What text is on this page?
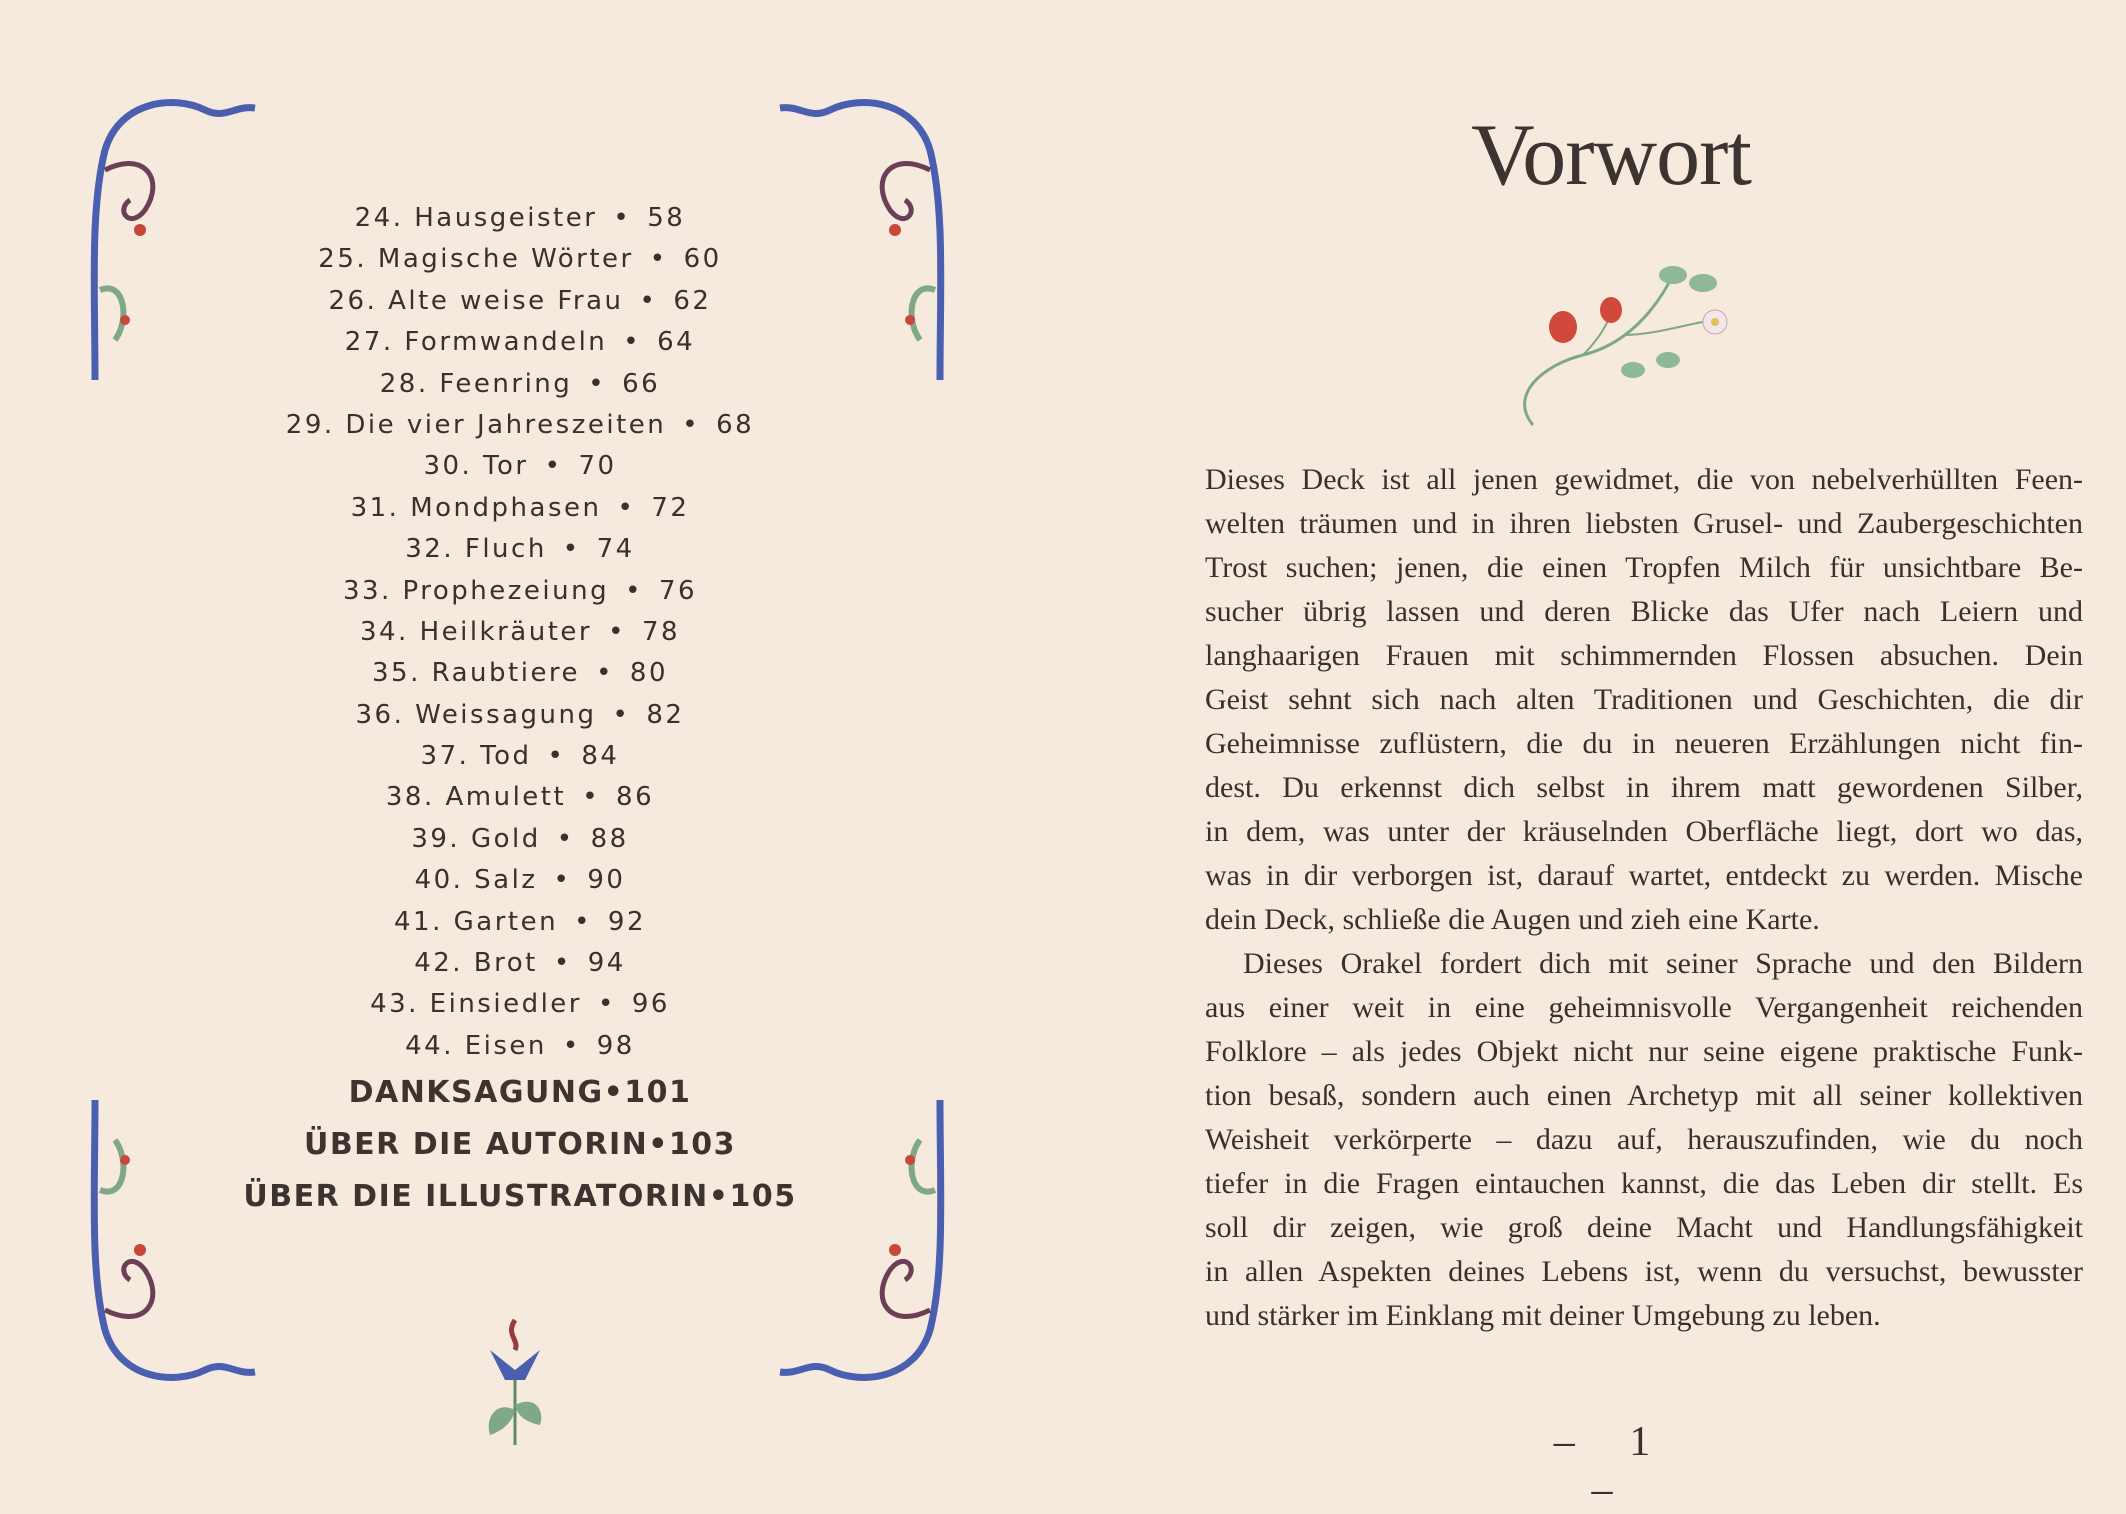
24. Hausgeister • 58
25. Magische Wörter • 60
26. Alte weise Frau • 62
27. Formwandeln • 64
28. Feenring • 66
29. Die vier Jahreszeiten • 68
30. Tor • 70
31. Mondphasen • 72
32. Fluch • 74
33. Prophezeiung • 76
34. Heilkräuter • 78
35. Raubtiere • 80
36. Weissagung • 82
37. Tod • 84
38. Amulett • 86
39. Gold • 88
40. Salz • 90
41. Garten • 92
42. Brot • 94
43. Einsiedler • 96
44. Eisen • 98
DANKSAGUNG•101
ÜBER DIE AUTORIN•103
ÜBER DIE ILLUSTRATORIN•105
Vorwort
Dieses Deck ist all jenen gewidmet, die von nebelverhüllten Feen-
welten träumen und in ihren liebsten Grusel- und Zaubergeschichten
Trost suchen; jenen, die einen Tropfen Milch für unsichtbare Be-
sucher übrig lassen und deren Blicke das Ufer nach Leiern und
langhaarigen Frauen mit schimmernden Flossen absuchen. Dein
Geist sehnt sich nach alten Traditionen und Geschichten, die dir
Geheimnisse zuflüstern, die du in neueren Erzählungen nicht fin-
dest. Du erkennst dich selbst in ihrem matt gewordenen Silber,
in dem, was unter der kräuselnden Oberfläche liegt, dort wo das,
was in dir verborgen ist, darauf wartet, entdeckt zu werden. Mische
dein Deck, schließe die Augen und zieh eine Karte.
Dieses Orakel fordert dich mit seiner Sprache und den Bildern
aus einer weit in eine geheimnisvolle Vergangenheit reichenden
Folklore – als jedes Objekt nicht nur seine eigene praktische Funk-
tion besaß, sondern auch einen Archetyp mit all seiner kollektiven
Weisheit verkörperte – dazu auf, herauszufinden, wie du noch
tiefer in die Fragen eintauchen kannst, die das Leben dir stellt. Es
soll dir zeigen, wie groß deine Macht und Handlungsfähigkeit
in allen Aspekten deines Lebens ist, wenn du versuchst, bewusster
und stärker im Einklang mit deiner Umgebung zu leben.
– 1 –
